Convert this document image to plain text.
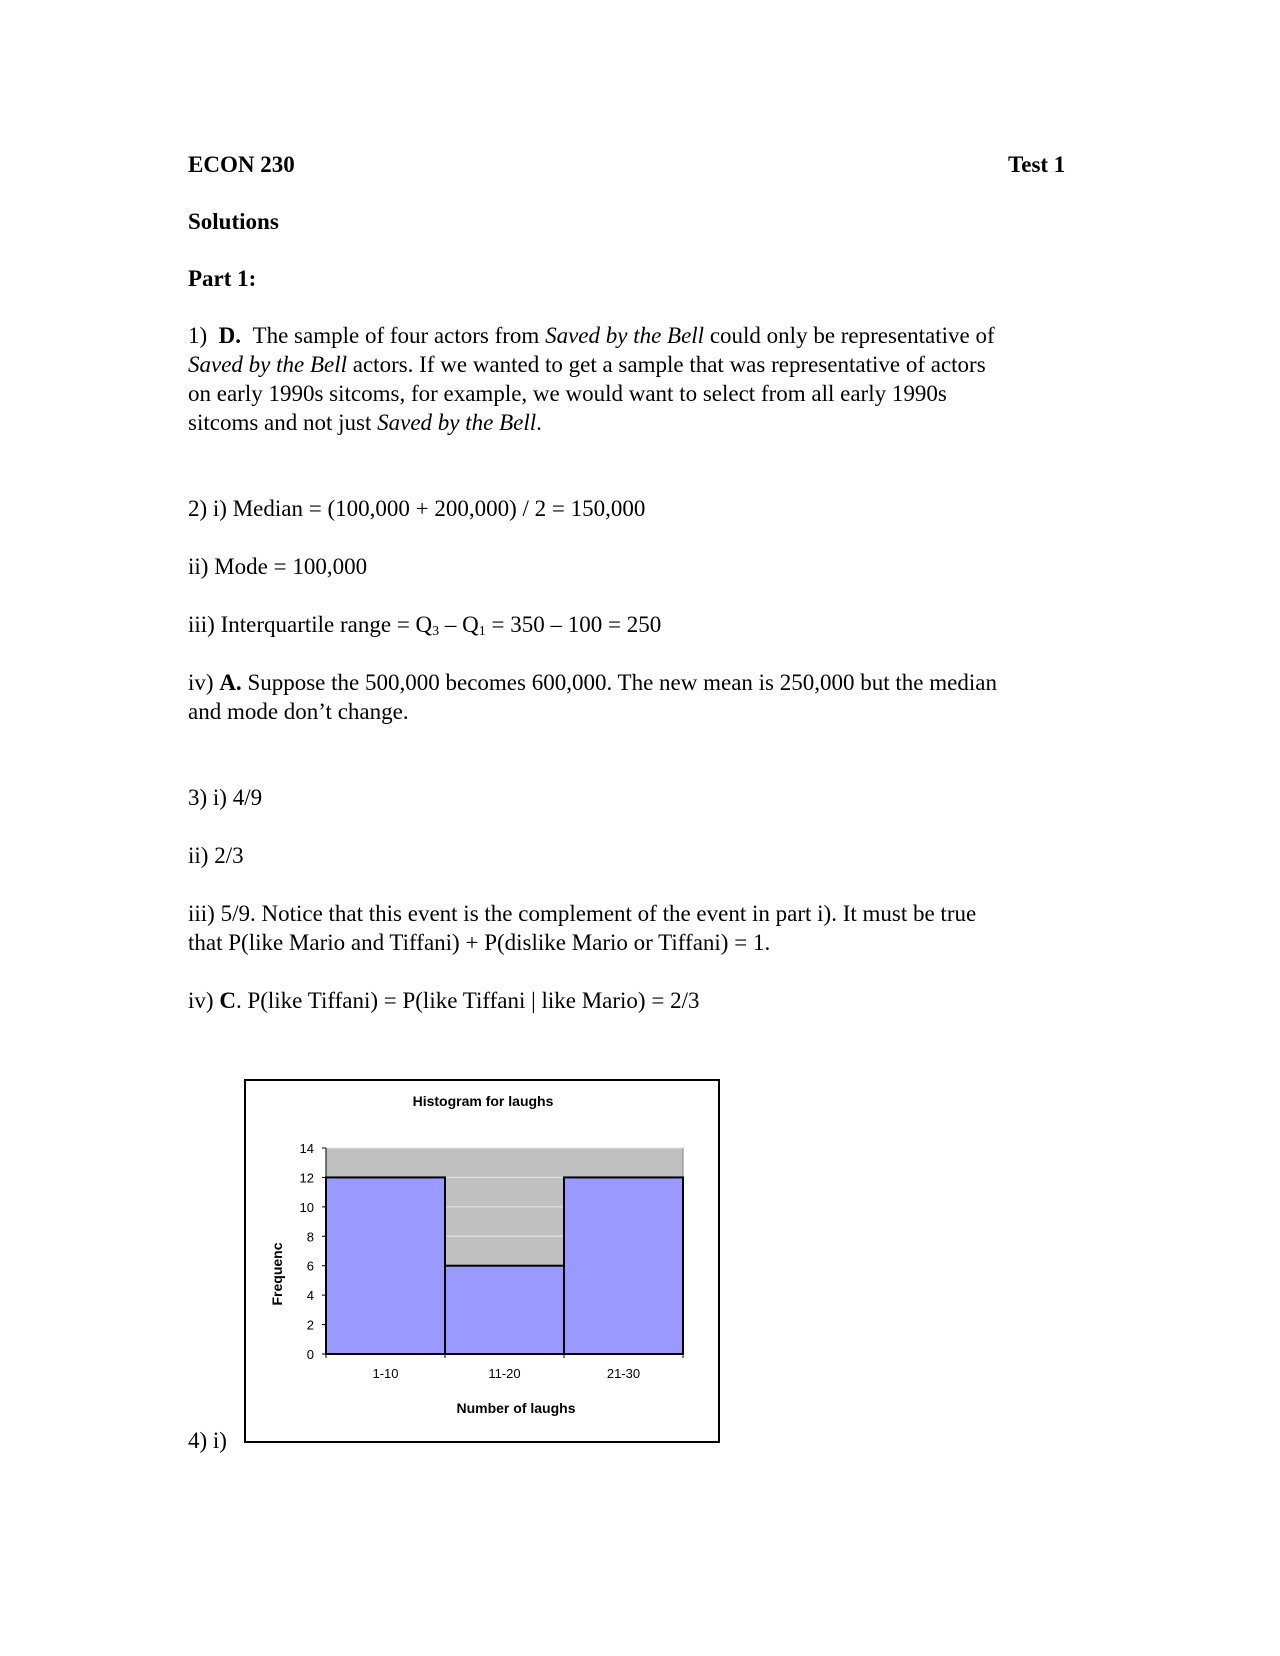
ECON 230	Test 1
Solutions
Part 1:
1) D. The sample of four actors from Saved by the Bell could only be representative of
Saved by the Bell actors. If we wanted to get a sample that was representative of actors
on early 1990s sitcoms, for example, we would want to select from all early 1990s
sitcoms and not just Saved by the Bell.
2) i) Median = (100,000 + 200,000) / 2 = 150,000
ii) Mode = 100,000
iii) Interquartile range = $Q_3 - Q_1 = 350 - 100 = 250$
iv) A. Suppose the 500,000 becomes 600,000. The new mean is 250,000 but the median
and mode don’t change.
3) i) 4/9
ii) 2/3
iii) 5/9. Notice that this event is the complement of the event in part i). It must be true
that P(like Mario and Tiffani) + P(dislike Mario or Tiffani) = 1.
iv) C. P(like Tiffani) = P(like Tiffani | like Mario) = 2/3
4) i)
Histogram for laughs
0
2
4
6
8
10
12
14
1-10	11-20	21-30
Number of laughs
Frequenc
